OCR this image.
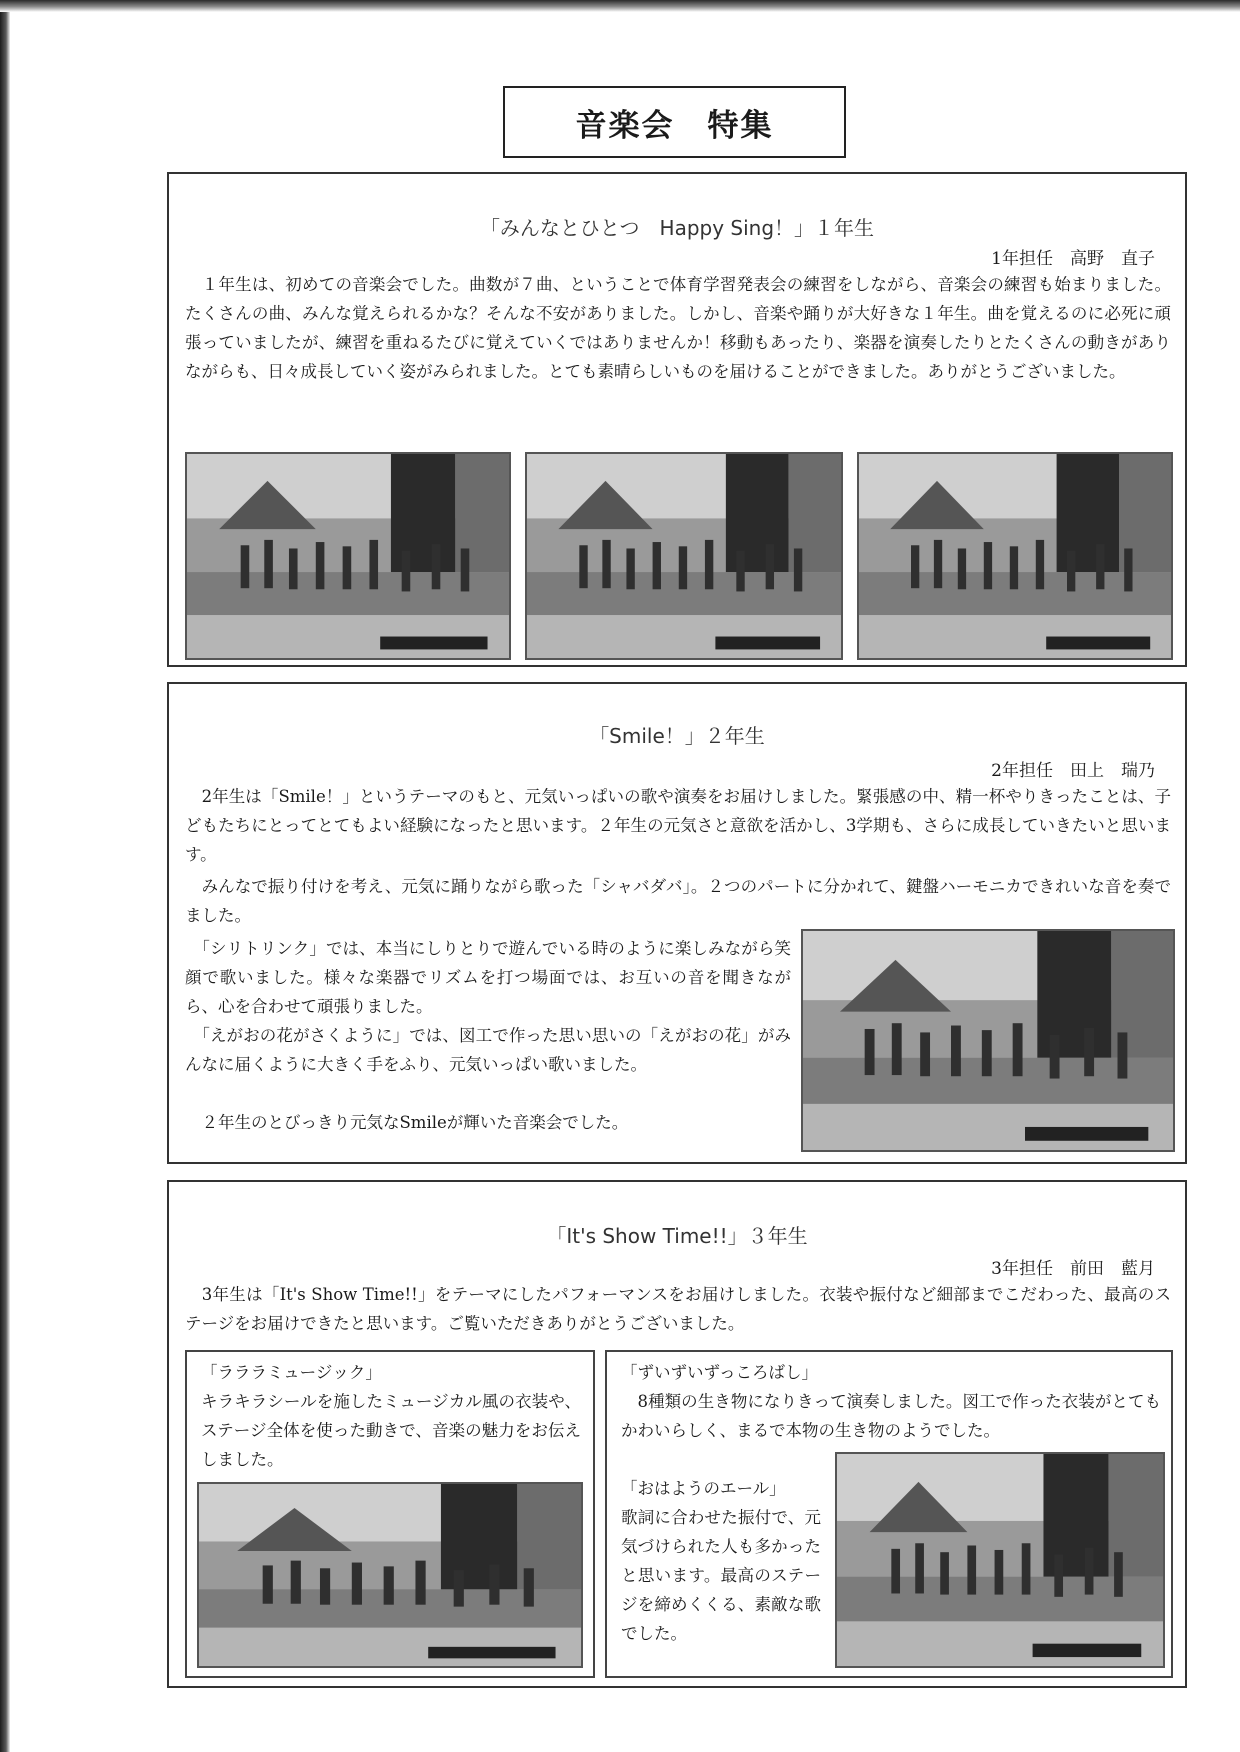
音楽会　特集
「みんなとひとつ　Happy Sing！」１年生
1年担任　高野　直子

　１年生は、初めての音楽会でした。曲数が７曲、ということで体育学習発表会の練習をしながら、音楽会の練習も始まりました。たくさんの曲、みんな覚えられるかな？そんな不安がありました。しかし、音楽や踊りが大好きな１年生。曲を覚えるのに必死に頑張っていましたが、練習を重ねるたびに覚えていくではありませんか！移動もあったり、楽器を演奏したりとたくさんの動きがありながらも、日々成長していく姿がみられました。とても素晴らしいものを届けることができました。ありがとうございました。

「Smile！」２年生
2年担任　田上　瑞乃

　2年生は「Smile！」というテーマのもと、元気いっぱいの歌や演奏をお届けしました。緊張感の中、精一杯やりきったことは、子どもたちにとってとてもよい経験になったと思います。２年生の元気さと意欲を活かし、3学期も、さらに成長していきたいと思います。

　みんなで振り付けを考え、元気に踊りながら歌った「シャバダバ」。２つのパートに分かれて、鍵盤ハーモニカできれいな音を奏でました。

　「シリトリンク」では、本当にしりとりで遊んでいる時のように楽しみながら笑顔で歌いました。様々な楽器でリズムを打つ場面では、お互いの音を聞きながら、心を合わせて頑張りました。

　「えがおの花がさくように」では、図工で作った思い思いの「えがおの花」がみんなに届くように大きく手をふり、元気いっぱい歌いました。

　２年生のとびっきり元気なSmileが輝いた音楽会でした。

「It's Show Time!!」３年生
3年担任　前田　藍月

　3年生は「It's Show Time!!」をテーマにしたパフォーマンスをお届けしました。衣装や振付など細部までこだわった、最高のステージをお届けできたと思います。ご覧いただきありがとうございました。

「ラララミュージック」

キラキラシールを施したミュージカル風の衣装や、ステージ全体を使った動きで、音楽の魅力をお伝えしました。

「ずいずいずっころばし」

　8種類の生き物になりきって演奏しました。図工で作った衣装がとてもかわいらしく、まるで本物の生き物のようでした。

「おはようのエール」

歌詞に合わせた振付で、元気づけられた人も多かったと思います。最高のステージを締めくくる、素敵な歌でした。
